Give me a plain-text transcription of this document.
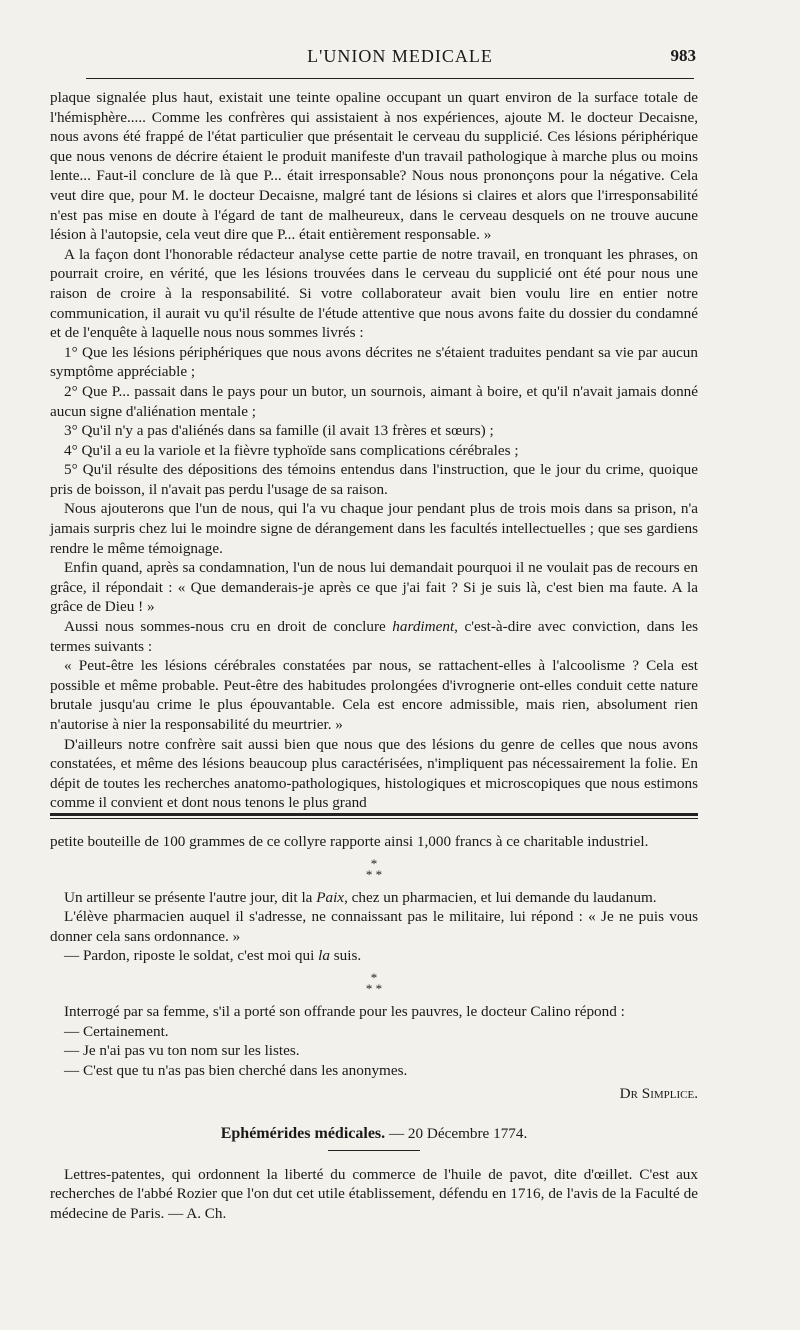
L'UNION MEDICALE	983

plaque signalée plus haut, existait une teinte opaline occupant un quart environ de la surface totale de l'hémisphère..... Comme les confrères qui assistaient à nos expériences, ajoute M. le docteur Decaisne, nous avons été frappé de l'état particulier que présentait le cerveau du supplicié. Ces lésions périphérique que nous venons de décrire étaient le produit manifeste d'un travail pathologique à marche plus ou moins lente... Faut-il conclure de là que P... était irresponsable? Nous nous prononçons pour la négative. Cela veut dire que, pour M. le docteur Decaisne, malgré tant de lésions si claires et alors que l'irresponsabilité n'est pas mise en doute à l'égard de tant de malheureux, dans le cerveau desquels on ne trouve aucune lésion à l'autopsie, cela veut dire que P... était entièrement responsable. »

A la façon dont l'honorable rédacteur analyse cette partie de notre travail, en tronquant les phrases, on pourrait croire, en vérité, que les lésions trouvées dans le cerveau du supplicié ont été pour nous une raison de croire à la responsabilité. Si votre collaborateur avait bien voulu lire en entier notre communication, il aurait vu qu'il résulte de l'étude attentive que nous avons faite du dossier du condamné et de l'enquête à laquelle nous nous sommes livrés :

1° Que les lésions périphériques que nous avons décrites ne s'étaient traduites pendant sa vie par aucun symptôme appréciable ;

2° Que P... passait dans le pays pour un butor, un sournois, aimant à boire, et qu'il n'avait jamais donné aucun signe d'aliénation mentale ;

3° Qu'il n'y a pas d'aliénés dans sa famille (il avait 13 frères et sœurs) ;

4° Qu'il a eu la variole et la fièvre typhoïde sans complications cérébrales ;

5° Qu'il résulte des dépositions des témoins entendus dans l'instruction, que le jour du crime, quoique pris de boisson, il n'avait pas perdu l'usage de sa raison.

Nous ajouterons que l'un de nous, qui l'a vu chaque jour pendant plus de trois mois dans sa prison, n'a jamais surpris chez lui le moindre signe de dérangement dans les facultés intellectuelles ; que ses gardiens rendre le même témoignage.

Enfin quand, après sa condamnation, l'un de nous lui demandait pourquoi il ne voulait pas de recours en grâce, il répondait : « Que demanderais-je après ce que j'ai fait ? Si je suis là, c'est bien ma faute. A la grâce de Dieu ! »

Aussi nous sommes-nous cru en droit de conclure hardiment, c'est-à-dire avec conviction, dans les termes suivants :

« Peut-être les lésions cérébrales constatées par nous, se rattachent-elles à l'alcoolisme ? Cela est possible et même probable. Peut-être des habitudes prolongées d'ivrognerie ont-elles conduit cette nature brutale jusqu'au crime le plus épouvantable. Cela est encore admissible, mais rien, absolument rien n'autorise à nier la responsabilité du meurtrier. »

D'ailleurs notre confrère sait aussi bien que nous que des lésions du genre de celles que nous avons constatées, et même des lésions beaucoup plus caractérisées, n'impliquent pas nécessairement la folie. En dépit de toutes les recherches anatomo-pathologiques, histologiques et microscopiques que nous estimons comme il convient et dont nous tenons le plus grand

petite bouteille de 100 grammes de ce collyre rapporte ainsi 1,000 francs à ce charitable industriel.

*
* *

Un artilleur se présente l'autre jour, dit la Paix, chez un pharmacien, et lui demande du laudanum.

L'élève pharmacien auquel il s'adresse, ne connaissant pas le militaire, lui répond : « Je ne puis vous donner cela sans ordonnance. »

— Pardon, riposte le soldat, c'est moi qui la suis.

*
* *

Interrogé par sa femme, s'il a porté son offrande pour les pauvres, le docteur Calino répond :

— Certainement.

— Je n'ai pas vu ton nom sur les listes.

— C'est que tu n'as pas bien cherché dans les anonymes.

Dr Simplice.
Ephémérides médicales. — 20 Décembre 1774.

Lettres-patentes, qui ordonnent la liberté du commerce de l'huile de pavot, dite d'œillet. C'est aux recherches de l'abbé Rozier que l'on dut cet utile établissement, défendu en 1716, de l'avis de la Faculté de médecine de Paris. — A. Ch.
